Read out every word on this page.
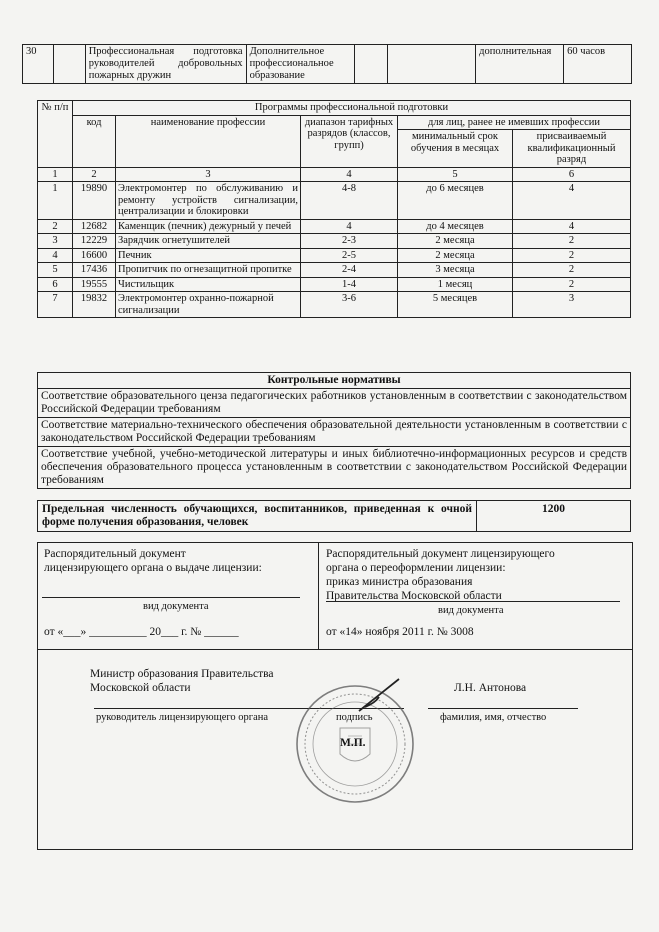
30		Профессиональная подготовка руководителей добровольных пожарных дружин	Дополнительное профессиональное образование			дополнительная	60 часов

№ п/п	Программы профессиональной подготовки				
	код	наименование профессии	диапазон тарифных разрядов (классов, групп)	для лиц, ранее не имевших профессии	
				минимальный срок обучения в месяцах	присваиваемый квалификационный разряд
1	2	3	4	5	6
1	19890	Электромонтер по обслуживанию и ремонту устройств сигнализации, централизации и блокировки	4-8	до 6 месяцев	4
2	12682	Каменщик (печник) дежурный у печей	4	до 4 месяцев	4
3	12229	Зарядчик огнетушителей	2-3	2 месяца	2
4	16600	Печник	2-5	2 месяца	2
5	17436	Пропитчик по огнезащитной пропитке	2-4	3 месяца	2
6	19555	Чистильщик	1-4	1 месяц	2
7	19832	Электромонтер охранно-пожарной сигнализации	3-6	5 месяцев	3
Контрольные нормативы
Соответствие образовательного ценза педагогических работников установленным в соответствии с законодательством Российской Федерации требованиям
Соответствие материально-технического обеспечения образовательной деятельности установленным в соответствии с законодательством Российской Федерации требованиям
Соответствие учебной, учебно-методической литературы и иных библиотечно-информационных ресурсов и средств обеспечения образовательного процесса установленным в соответствии с законодательством Российской Федерации требованиям
Предельная численность обучающихся, воспитанников, приведенная к очной форме получения образования, человек	1200
Распорядительный документ
лицензирующего органа о выдаче лицензии:
вид документа
от «___» __________ 20___ г. № ______
Распорядительный документ лицензирующего
органа о переоформлении лицензии:
приказ министра образования
Правительства Московской области
вид документа
от «14» ноября 2011 г. № 3008
Министр образования Правительства
Московской области	Л.Н. Антонова
руководитель лицензирующего органа	подпись	фамилия, имя, отчество
М.П.
